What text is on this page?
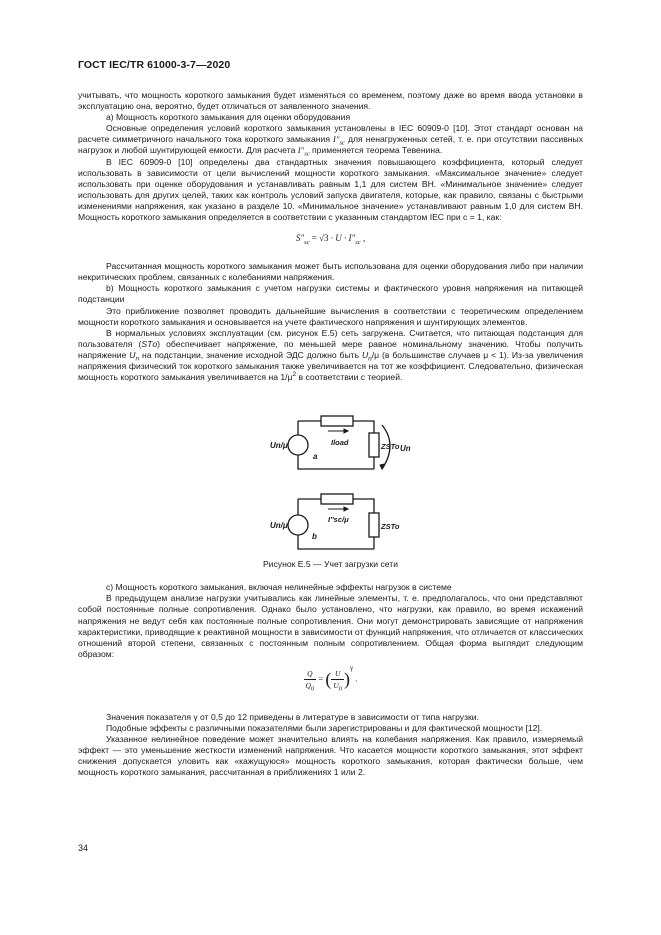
ГОСТ IEC/TR 61000-3-7—2020

учитывать, что мощность короткого замыкания будет изменяться со временем, поэтому даже во время ввода установки в эксплуатацию она, вероятно, будет отличаться от заявленного значения.

а) Мощность короткого замыкания для оценки оборудования

Основные определения условий короткого замыкания установлены в IEC 60909-0 [10]. Этот стандарт основан на расчете симметричного начального тока короткого замыкания $I''_{sc}$ для ненагруженных сетей, т. е. при отсутствии пассивных нагрузок и любой шунтирующей емкости. Для расчета $I''_{sc}$ применяется теорема Тевенина.

В IEC 60909-0 [10] определены два стандартных значения повышающего коэффициента, который следует использовать в зависимости от цели вычислений мощности короткого замыкания. «Максимальное значение» следует использовать при оценке оборудования и устанавливать равным 1,1 для систем ВН. «Минимальное значение» следует использовать для других целей, таких как контроль условий запуска двигателя, которые, как правило, связаны с быстрыми изменениями напряжения, как указано в разделе 10. «Минимальное значение» устанавливают равным 1,0 для систем ВН. Мощность короткого замыкания определяется в соответствии с указанным стандартом IEC при c = 1, как:

$S''_{sc} = √3 \cdot U \cdot I''_{sc}$ ,

Рассчитанная мощность короткого замыкания может быть использована для оценки оборудования либо при наличии некритических проблем, связанных с колебаниями напряжения.

b) Мощность короткого замыкания с учетом нагрузки системы и фактического уровня напряжения на питающей подстанции

Это приближение позволяет проводить дальнейшие вычисления в соответствии с теоретическим определением мощности короткого замыкания и основывается на учете фактического напряжения и шунтирующих элементов.

В нормальных условиях эксплуатации (см. рисунок Е.5) сеть загружена. Считается, что питающая подстанция для пользователя (STо) обеспечивает напряжение, по меньшей мере равное номинальному значению. Чтобы получить напряжение $U_n$ на подстанции, значение исходной ЭДС должно быть $U_n/\mu$ (в большинстве случаев μ < 1). Из-за увеличения напряжения физический ток короткого замыкания также увеличивается на тот же коэффициент. Следовательно, физическая мощность короткого замыкания увеличивается на $1/\mu^2$ в соответствии с теорией.

Un/μ	Iload	ZSTo Un
a
Un/μ
I″sc/μ
ZSTo
b
Рисунок Е.5 — Учет загрузки сети

с) Мощность короткого замыкания, включая нелинейные эффекты нагрузок в системе

В предыдущем анализе нагрузки учитывались как линейные элементы, т. е. предполагалось, что они представляют собой постоянные полные сопротивления. Однако было установлено, что нагрузки, как правило, во время искажений напряжения не ведут себя как постоянные полные сопротивления. Они могут демонстрировать зависящие от напряжения характеристики, приводящие к реактивной мощности в зависимости от функций напряжения, что отличается от классических отношений второй степени, связанных с постоянным полным сопротивлением. Общая форма выглядит следующим образом:

$\frac{Q}{Q_0}$ = ( $\frac{U}{U_0} )^\gamma$ .

Значения показателя γ от 0,5 до 12 приведены в литературе в зависимости от типа нагрузки.

Подобные эффекты с различными показателями были зарегистрированы и для фактической мощности [12].

Указанное нелинейное поведение может значительно влиять на колебания напряжения. Как правило, измеряемый эффект — это уменьшение жесткости изменений напряжения. Что касается мощности короткого замыкания, этот эффект снижения допускается уловить как «кажущуюся» мощность короткого замыкания, которая фактически больше, чем мощность короткого замыкания, рассчитанная в приближениях 1 или 2.

34
